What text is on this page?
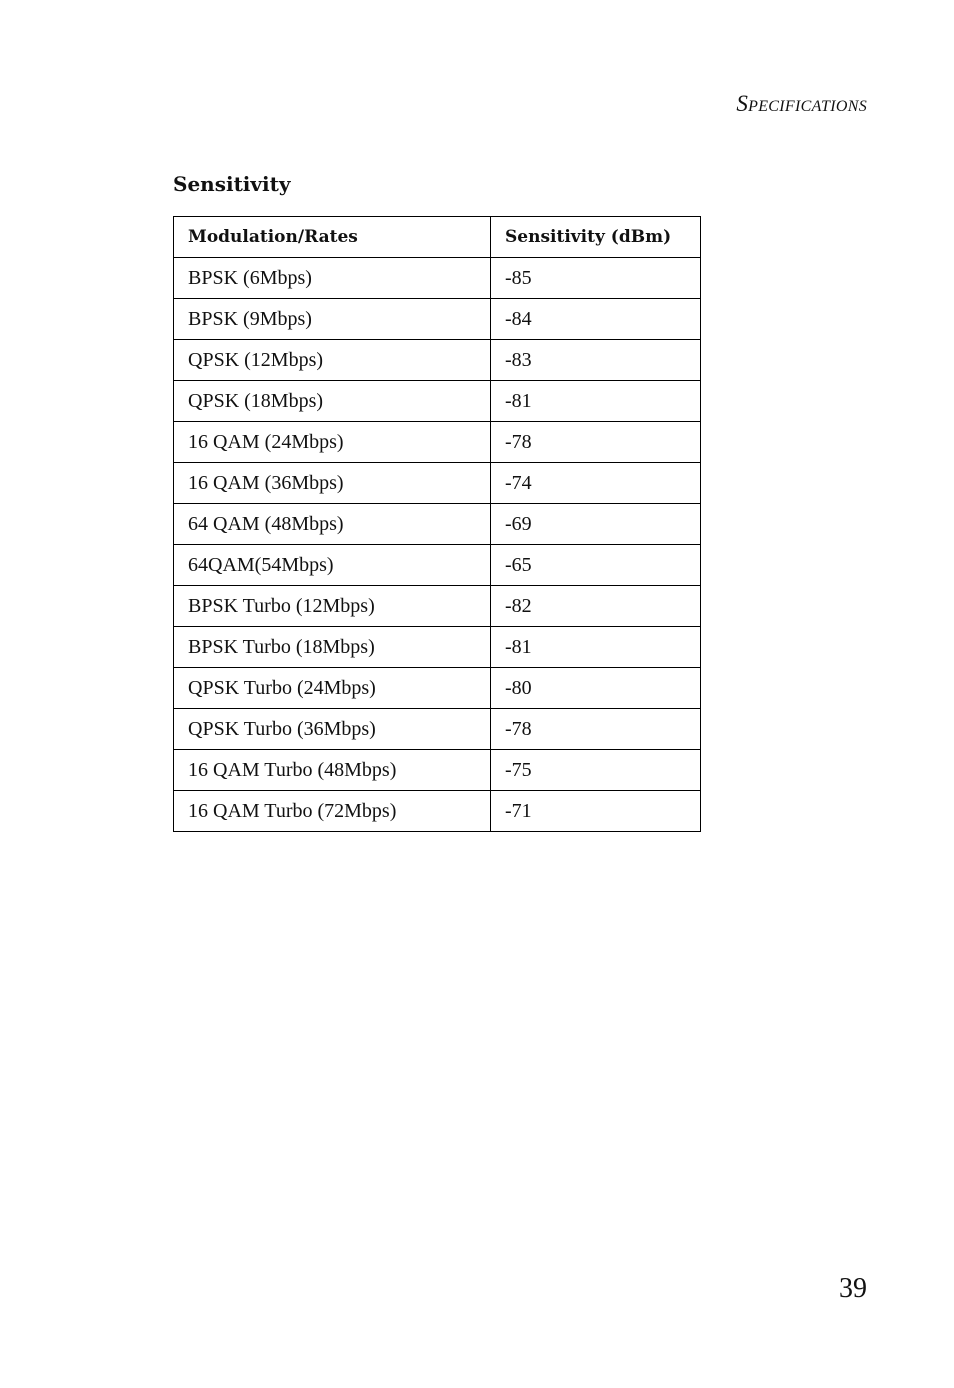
Specifications
Sensitivity
Modulation/Rates	Sensitivity (dBm)
BPSK (6Mbps)	-85
BPSK (9Mbps)	-84
QPSK (12Mbps)	-83
QPSK (18Mbps)	-81
16 QAM (24Mbps)	-78
16 QAM (36Mbps)	-74
64 QAM (48Mbps)	-69
64QAM(54Mbps)	-65
BPSK Turbo (12Mbps)	-82
BPSK Turbo (18Mbps)	-81
QPSK Turbo (24Mbps)	-80
QPSK Turbo (36Mbps)	-78
16 QAM Turbo (48Mbps)	-75
16 QAM Turbo (72Mbps)	-71
39
